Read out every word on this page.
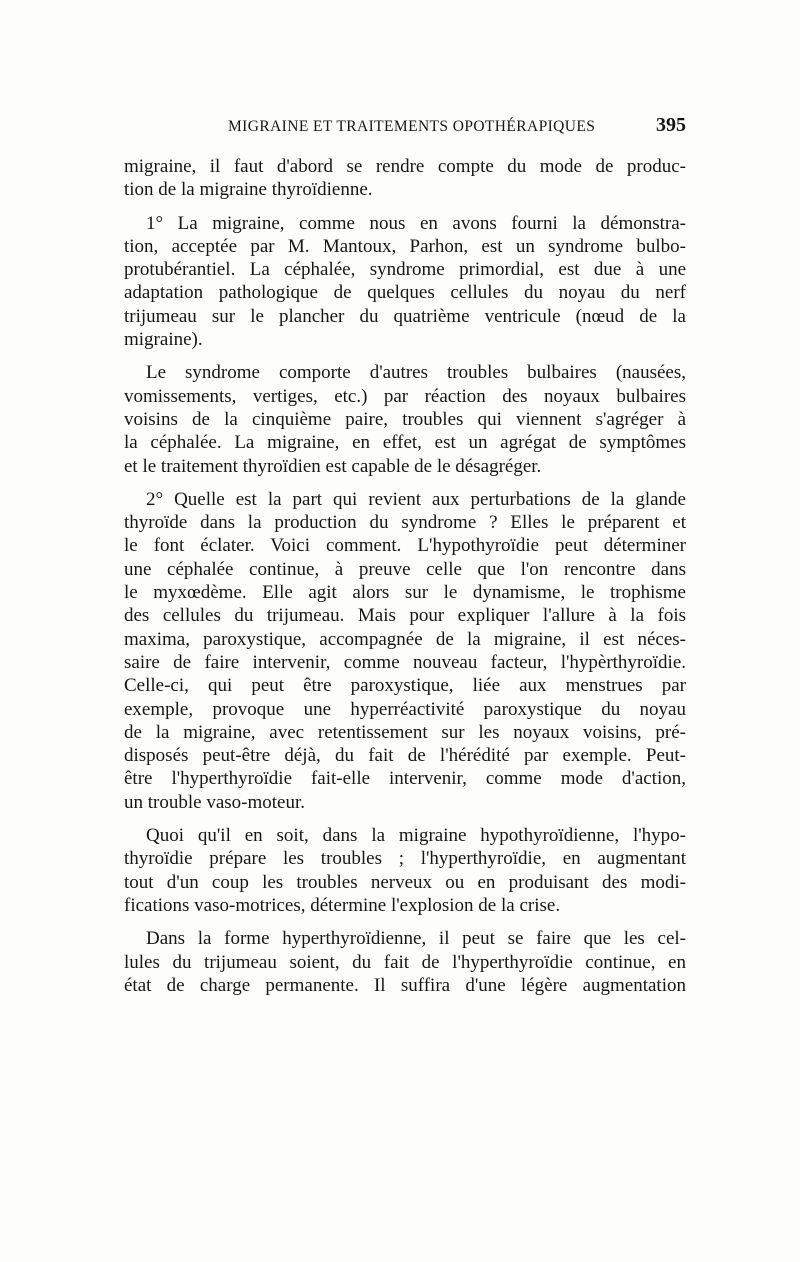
MIGRAINE ET TRAITEMENTS OPOTHÉRAPIQUES	395
migraine, il faut d'abord se rendre compte du mode de produc-
tion de la migraine thyroïdienne.
1° La migraine, comme nous en avons fourni la démonstra-
tion, acceptée par M. Mantoux, Parhon, est un syndrome bulbo-
protubérantiel. La céphalée, syndrome primordial, est due à une
adaptation pathologique de quelques cellules du noyau du nerf
trijumeau sur le plancher du quatrième ventricule (nœud de la
migraine).
Le syndrome comporte d'autres troubles bulbaires (nausées,
vomissements, vertiges, etc.) par réaction des noyaux bulbaires
voisins de la cinquième paire, troubles qui viennent s'agréger à
la céphalée. La migraine, en effet, est un agrégat de symptômes
et le traitement thyroïdien est capable de le désagréger.
2° Quelle est la part qui revient aux perturbations de la glande
thyroïde dans la production du syndrome ? Elles le préparent et
le font éclater. Voici comment. L'hypothyroïdie peut déterminer
une céphalée continue, à preuve celle que l'on rencontre dans
le myxœdème. Elle agit alors sur le dynamisme, le trophisme
des cellules du trijumeau. Mais pour expliquer l'allure à la fois
maxima, paroxystique, accompagnée de la migraine, il est néces-
saire de faire intervenir, comme nouveau facteur, l'hypèrthyroïdie.
Celle-ci, qui peut être paroxystique, liée aux menstrues par
exemple, provoque une hyperréactivité paroxystique du noyau
de la migraine, avec retentissement sur les noyaux voisins, pré-
disposés peut-être déjà, du fait de l'hérédité par exemple. Peut-
être l'hyperthyroïdie fait-elle intervenir, comme mode d'action,
un trouble vaso-moteur.
Quoi qu'il en soit, dans la migraine hypothyroïdienne, l'hypo-
thyroïdie prépare les troubles ; l'hyperthyroïdie, en augmentant
tout d'un coup les troubles nerveux ou en produisant des modi-
fications vaso-motrices, détermine l'explosion de la crise.
Dans la forme hyperthyroïdienne, il peut se faire que les cel-
lules du trijumeau soient, du fait de l'hyperthyroïdie continue, en
état de charge permanente. Il suffira d'une légère augmentation
